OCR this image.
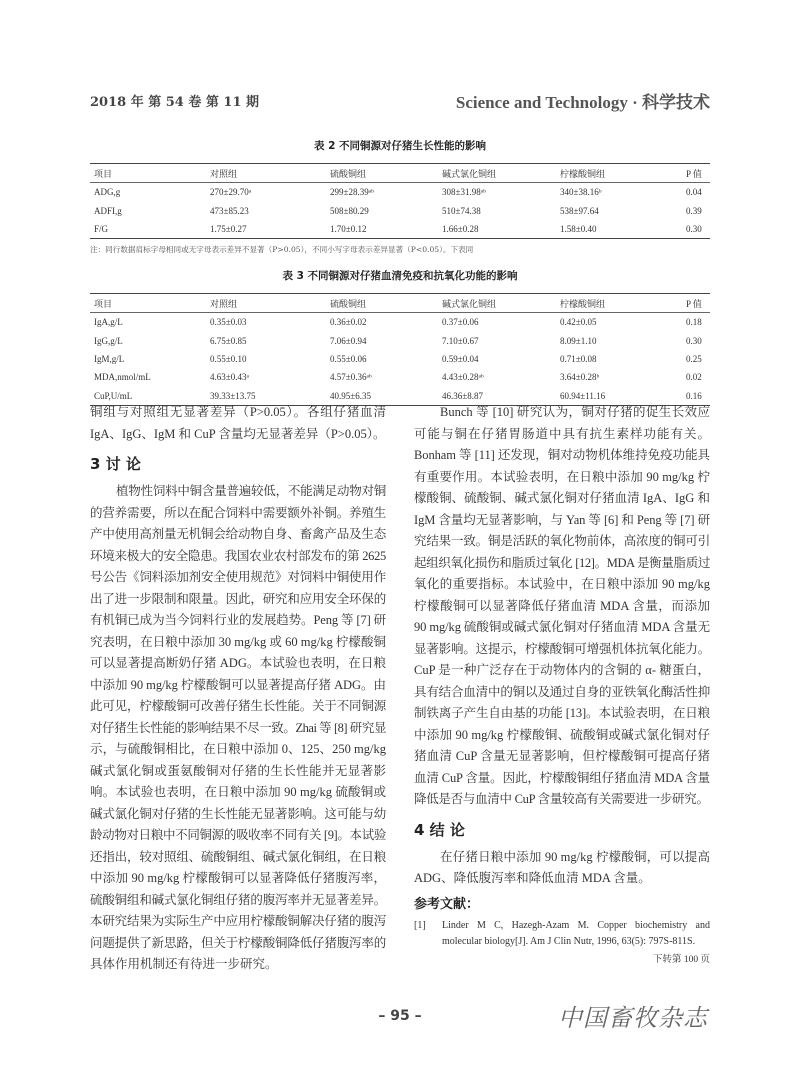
2018 年 第 54 卷 第 11 期	Science and Technology · 科学技术
表 2 不同铜源对仔猪生长性能的影响
项目	对照组	硫酸铜组	碱式氯化铜组	柠檬酸铜组	P 值
ADG,g	270±29.70ᵃ	299±28.39ᵃᵇ	308±31.98ᵃᵇ	340±38.16ᵇ	0.04
ADFI,g	473±85.23	508±80.29	510±74.38	538±97.64	0.39
F/G	1.75±0.27	1.70±0.12	1.66±0.28	1.58±0.40	0.30
注：同行数据肩标字母相同或无字母表示差异不显著（P>0.05），不同小写字母表示差异显著（P<0.05）。下表同
表 3 不同铜源对仔猪血清免疫和抗氧化功能的影响
项目	对照组	硫酸铜组	碱式氯化铜组	柠檬酸铜组	P 值
IgA,g/L	0.35±0.03	0.36±0.02	0.37±0.06	0.42±0.05	0.18
IgG,g/L	6.75±0.85	7.06±0.94	7.10±0.67	8.09±1.10	0.30
IgM,g/L	0.55±0.10	0.55±0.06	0.59±0.04	0.71±0.08	0.25
MDA,nmol/mL	4.63±0.43ᵃ	4.57±0.36ᵃᵇ	4.43±0.28ᵃᵇ	3.64±0.28ᵇ	0.02
CuP,U/mL	39.33±13.75	40.95±6.35	46.36±8.87	60.94±11.16	0.16
铜组与对照组无显著差异（P>0.05）。各组仔猪血清
IgA、IgG、IgM 和 CuP 含量均无显著差异（P>0.05）。
3 讨 论
植物性饲料中铜含量普遍较低，不能满足动物对铜
的营养需要，所以在配合饲料中需要额外补铜。养殖生
产中使用高剂量无机铜会给动物自身、畜禽产品及生态
环境来极大的安全隐患。我国农业农村部发布的第 2625
号公告《饲料添加剂安全使用规范》对饲料中铜使用作
出了进一步限制和限量。因此，研究和应用安全环保的
有机铜已成为当今饲料行业的发展趋势。Peng 等 [7] 研
究表明，在日粮中添加 30 mg/kg 或 60 mg/kg 柠檬酸铜
可以显著提高断奶仔猪 ADG。本试验也表明，在日粮
中添加 90 mg/kg 柠檬酸铜可以显著提高仔猪 ADG。由
此可见，柠檬酸铜可改善仔猪生长性能。关于不同铜源
对仔猪生长性能的影响结果不尽一致。Zhai 等 [8] 研究显
示，与硫酸铜相比，在日粮中添加 0、125、250 mg/kg
碱式氯化铜或蛋氨酸铜对仔猪的生长性能并无显著影
响。本试验也表明，在日粮中添加 90 mg/kg 硫酸铜或
碱式氯化铜对仔猪的生长性能无显著影响。这可能与幼
龄动物对日粮中不同铜源的吸收率不同有关 [9]。本试验
还指出，较对照组、硫酸铜组、碱式氯化铜组，在日粮
中添加 90 mg/kg 柠檬酸铜可以显著降低仔猪腹泻率，
硫酸铜组和碱式氯化铜组仔猪的腹泻率并无显著差异。
本研究结果为实际生产中应用柠檬酸铜解决仔猪的腹泻
问题提供了新思路，但关于柠檬酸铜降低仔猪腹泻率的
具体作用机制还有待进一步研究。
Bunch 等 [10] 研究认为，铜对仔猪的促生长效应
可能与铜在仔猪胃肠道中具有抗生素样功能有关。
Bonham 等 [11] 还发现，铜对动物机体维持免疫功能具
有重要作用。本试验表明，在日粮中添加 90 mg/kg 柠
檬酸铜、硫酸铜、碱式氯化铜对仔猪血清 IgA、IgG 和
IgM 含量均无显著影响，与 Yan 等 [6] 和 Peng 等 [7] 研
究结果一致。铜是活跃的氧化物前体，高浓度的铜可引
起组织氧化损伤和脂质过氧化 [12]。MDA 是衡量脂质过
氧化的重要指标。本试验中，在日粮中添加 90 mg/kg
柠檬酸铜可以显著降低仔猪血清 MDA 含量，而添加
90 mg/kg 硫酸铜或碱式氯化铜对仔猪血清 MDA 含量无
显著影响。这提示，柠檬酸铜可增强机体抗氧化能力。
CuP 是一种广泛存在于动物体内的含铜的 α- 糖蛋白，
具有结合血清中的铜以及通过自身的亚铁氧化酶活性抑
制铁离子产生自由基的功能 [13]。本试验表明，在日粮
中添加 90 mg/kg 柠檬酸铜、硫酸铜或碱式氯化铜对仔
猪血清 CuP 含量无显著影响，但柠檬酸铜可提高仔猪
血清 CuP 含量。因此，柠檬酸铜组仔猪血清 MDA 含量
降低是否与血清中 CuP 含量较高有关需要进一步研究。
4 结 论
在仔猪日粮中添加 90 mg/kg 柠檬酸铜，可以提高
ADG、降低腹泻率和降低血清 MDA 含量。
参考文献：
[1]	Linder M C, Hazegh-Azam M. Copper biochemistry and molecular biology[J]. Am J Clin Nutr, 1996, 63(5): 797S-811S.
下转第 100 页
– 95 –	中国畜牧杂志
